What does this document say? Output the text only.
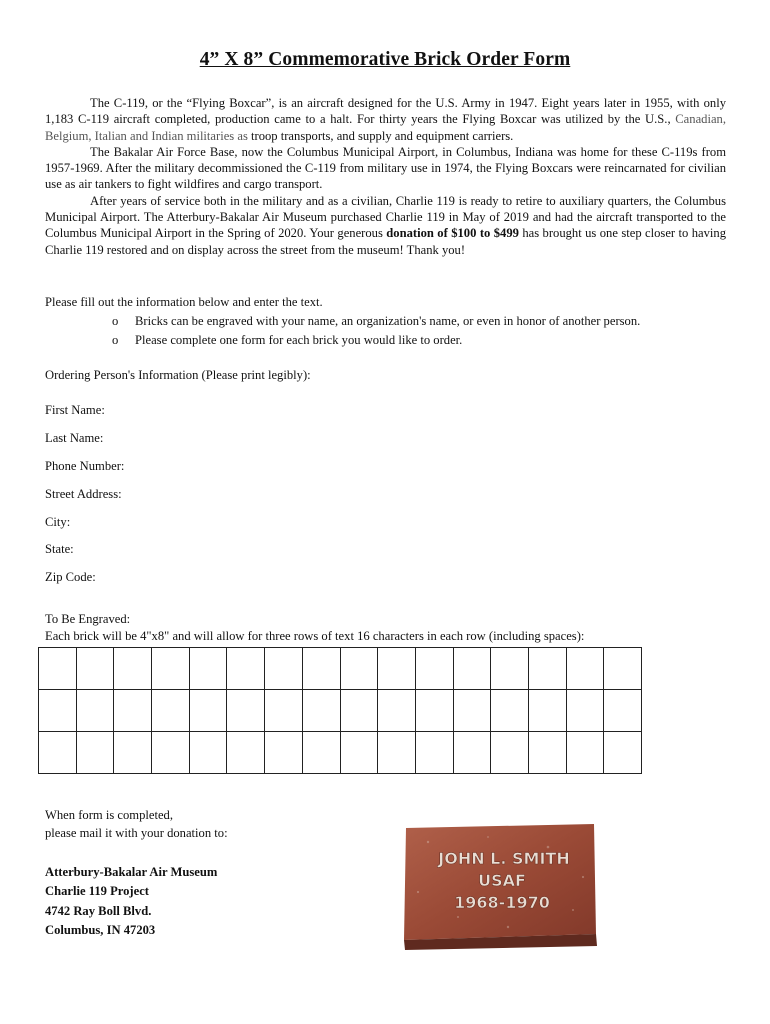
4” X 8” Commemorative Brick Order Form

The C-119, or the “Flying Boxcar”, is an aircraft designed for the U.S. Army in 1947. Eight years later in 1955, with only 1,183 C-119 aircraft completed, production came to a halt. For thirty years the Flying Boxcar was utilized by the U.S., Canadian, Belgium, Italian and Indian militaries as troop transports, and supply and equipment carriers.

The Bakalar Air Force Base, now the Columbus Municipal Airport, in Columbus, Indiana was home for these C-119s from 1957-1969. After the military decommissioned the C-119 from military use in 1974, the Flying Boxcars were reincarnated for civilian use as air tankers to fight wildfires and cargo transport.

After years of service both in the military and as a civilian, Charlie 119 is ready to retire to auxiliary quarters, the Columbus Municipal Airport. The Atterbury-Bakalar Air Museum purchased Charlie 119 in May of 2019 and had the aircraft transported to the Columbus Municipal Airport in the Spring of 2020. Your generous donation of $100 to $499 has brought us one step closer to having Charlie 119 restored and on display across the street from the museum! Thank you!

Please fill out the information below and enter the text.
o	Bricks can be engraved with your name, an organization's name, or even in honor of another person.
o	Please complete one form for each brick you would like to order.
Ordering Person's Information (Please print legibly):
First Name:
Last Name:
Phone Number:
Street Address:
City:
State:
Zip Code:
To Be Engraved:
Each brick will be 4"x8" and will allow for three rows of text 16 characters in each row (including spaces):

When form is completed,
please mail it with your donation to:
Atterbury-Bakalar Air Museum
Charlie 119 Project
4742 Ray Boll Blvd.
Columbus, IN 47203
JOHN L. SMITH
USAF
1968-1970
